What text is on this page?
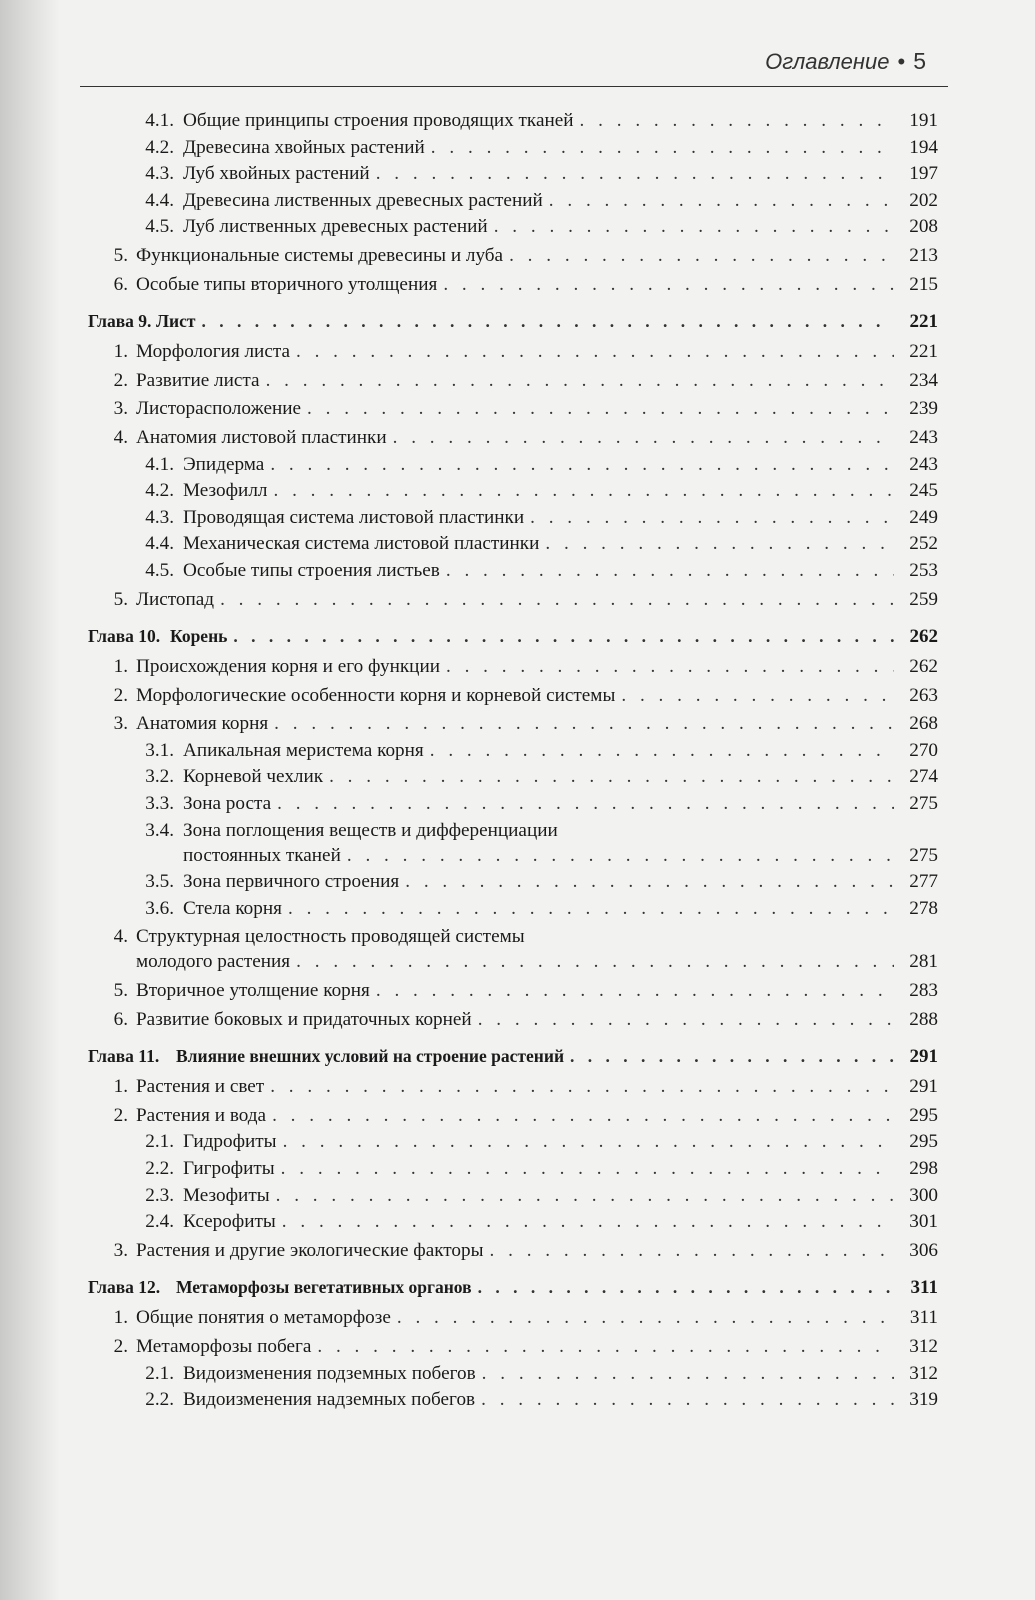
Оглавление • 5
4.1. Общие принципы строения проводящих тканей . . .	191
4.2. Древесина хвойных растений . . .	194
4.3. Луб хвойных растений . . .	197
4.4. Древесина лиственных древесных растений . . .	202
4.5. Луб лиственных древесных растений . . .	208
5. Функциональные системы древесины и луба . . .	213
6. Особые типы вторичного утолщения . . .	215
Глава 9. Лист . . .	221
1. Морфология листа . . .	221
2. Развитие листа . . .	234
3. Листорасположение . . .	239
4. Анатомия листовой пластинки . . .	243
4.1. Эпидерма . . .	243
4.2. Мезофилл . . .	245
4.3. Проводящая система листовой пластинки . . .	249
4.4. Механическая система листовой пластинки . . .	252
4.5. Особые типы строения листьев . . .	253
5. Листопад . . .	259
Глава 10. Корень . . .	262
1. Происхождения корня и его функции . . .	262
2. Морфологические особенности корня и корневой системы . . .	263
3. Анатомия корня . . .	268
3.1. Апикальная меристема корня . . .	270
3.2. Корневой чехлик . . .	274
3.3. Зона роста . . .	275
3.4. Зона поглощения веществ и дифференциации
постоянных тканей . . .	275
3.5. Зона первичного строения . . .	277
3.6. Стела корня . . .	278
4. Структурная целостность проводящей системы
молодого растения . . .	281
5. Вторичное утолщение корня . . .	283
6. Развитие боковых и придаточных корней . . .	288
Глава 11. Влияние внешних условий на строение растений . . .	291
1. Растения и свет . . .	291
2. Растения и вода . . .	295
2.1. Гидрофиты . . .	295
2.2. Гигрофиты . . .	298
2.3. Мезофиты . . .	300
2.4. Ксерофиты . . .	301
3. Растения и другие экологические факторы . . .	306
Глава 12. Метаморфозы вегетативных органов . . .	311
1. Общие понятия о метаморфозе . . .	311
2. Метаморфозы побега . . .	312
2.1. Видоизменения подземных побегов . . .	312
2.2. Видоизменения надземных побегов . . .	319
